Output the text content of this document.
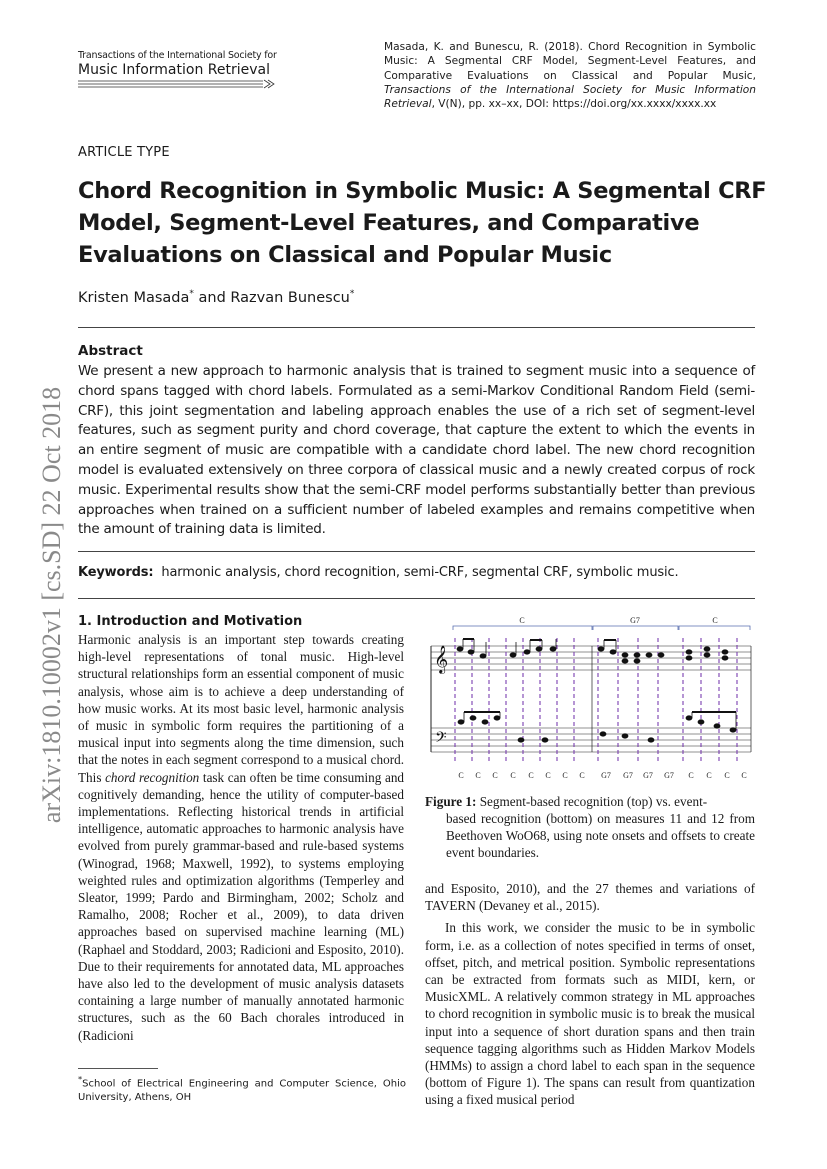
Transactions of the International Society for
Music Information Retrieval
Masada, K. and Bunescu, R. (2018). Chord Recognition in Symbolic Music: A Segmental CRF Model, Segment-Level Features, and Comparative Evaluations on Classical and Popular Music, Transactions of the International Society for Music Information Retrieval, V(N), pp. xx–xx, DOI: https://doi.org/xx.xxxx/xxxx.xx
arXiv:1810.10002v1 [cs.SD] 22 Oct 2018
ARTICLE TYPE
Chord Recognition in Symbolic Music: A Segmental CRF Model, Segment-Level Features, and Comparative Evaluations on Classical and Popular Music
Kristen Masada* and Razvan Bunescu*
Abstract

We present a new approach to harmonic analysis that is trained to segment music into a sequence of chord spans tagged with chord labels. Formulated as a semi-Markov Conditional Random Field (semi-CRF), this joint segmentation and labeling approach enables the use of a rich set of segment-level features, such as segment purity and chord coverage, that capture the extent to which the events in an entire segment of music are compatible with a candidate chord label. The new chord recognition model is evaluated extensively on three corpora of classical music and a newly created corpus of rock music. Experimental results show that the semi-CRF model performs substantially better than previous approaches when trained on a sufficient number of labeled examples and remains competitive when the amount of training data is limited.

Keywords: harmonic analysis, chord recognition, semi-CRF, segmental CRF, symbolic music.
1. Introduction and Motivation

Harmonic analysis is an important step towards creating high-level representations of tonal music. High-level structural relationships form an essential component of music analysis, whose aim is to achieve a deep understanding of how music works. At its most basic level, harmonic analysis of music in symbolic form requires the partitioning of a musical input into segments along the time dimension, such that the notes in each segment correspond to a musical chord. This chord recognition task can often be time consuming and cognitively demanding, hence the utility of computer-based implementations. Reflecting historical trends in artificial intelligence, automatic approaches to harmonic analysis have evolved from purely grammar-based and rule-based systems (Winograd, 1968; Maxwell, 1992), to systems employing weighted rules and optimization algorithms (Temperley and Sleator, 1999; Pardo and Birmingham, 2002; Scholz and Ramalho, 2008; Rocher et al., 2009), to data driven approaches based on supervised machine learning (ML) (Raphael and Stoddard, 2003; Radicioni and Esposito, 2010). Due to their requirements for annotated data, ML approaches have also led to the development of music analysis datasets containing a large number of manually annotated harmonic structures, such as the 60 Bach chorales introduced in (Radicioni

C	G7	C
𝄞
𝄢
C C C C C C C C G7 G7 G7 G7 C C C C
Figure 1: Segment-based recognition (top) vs. event-
based recognition (bottom) on measures 11 and 12 from Beethoven WoO68, using note onsets and offsets to create event boundaries.

and Esposito, 2010), and the 27 themes and variations of TAVERN (Devaney et al., 2015).

In this work, we consider the music to be in symbolic form, i.e. as a collection of notes specified in terms of onset, offset, pitch, and metrical position. Symbolic representations can be extracted from formats such as MIDI, kern, or MusicXML. A relatively common strategy in ML approaches to chord recognition in symbolic music is to break the musical input into a sequence of short duration spans and then train sequence tagging algorithms such as Hidden Markov Models (HMMs) to assign a chord label to each span in the sequence (bottom of Figure 1). The spans can result from quantization using a fixed musical period

*School of Electrical Engineering and Computer Science, Ohio University, Athens, OH
